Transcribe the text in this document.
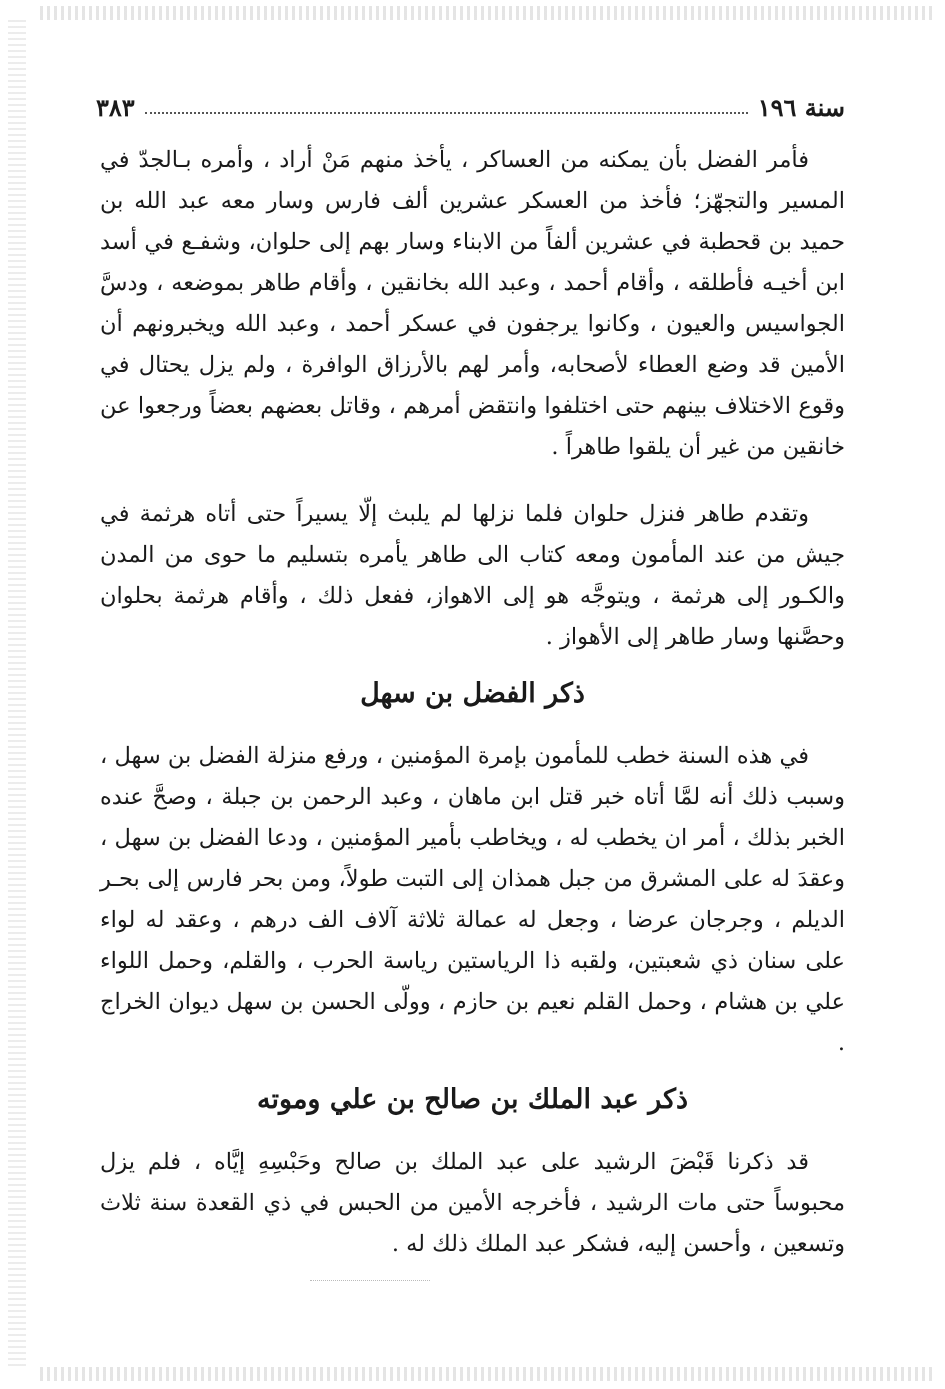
سنة ١٩٦
٣٨٣

فأمر الفضل بأن يمكنه من العساكر ، يأخذ منهم مَنْ أراد ، وأمره بـالجدّ في المسير والتجهّز؛ فأخذ من العسكر عشرين ألف فارس وسار معه عبد الله بن حميد بن قحطبة في عشرين ألفاً من الابناء وسار بهم إلى حلوان، وشفـع في أسد ابن أخيـه فأطلقه ، وأقام أحمد ، وعبد الله بخانقين ، وأقام طاهر بموضعه ، ودسَّ الجواسيس والعيون ، وكانوا يرجفون في عسكر أحمد ، وعبد الله ويخبرونهم أن الأمين قد وضع العطاء لأصحابه، وأمر لهم بالأرزاق الوافرة ، ولم يزل يحتال في وقوع الاختلاف بينهم حتى اختلفوا وانتقض أمرهم ، وقاتل بعضهم بعضاً ورجعوا عن خانقين من غير أن يلقوا طاهراً .

وتقدم طاهر فنزل حلوان فلما نزلها لم يلبث إلّا يسيراً حتى أتاه هرثمة في جيش من عند المأمون ومعه كتاب الى طاهر يأمره بتسليم ما حوى من المدن والكـور إلى هرثمة ، ويتوجَّه هو إلى الاهواز، ففعل ذلك ، وأقام هرثمة بحلوان وحصَّنها وسار طاهر إلى الأهواز .

ذكر الفضل بن سهل

في هذه السنة خطب للمأمون بإمرة المؤمنين ، ورفع منزلة الفضل بن سهل ، وسبب ذلك أنه لمَّا أتاه خبر قتل ابن ماهان ، وعبد الرحمن بن جبلة ، وصحَّ عنده الخبر بذلك ، أمر ان يخطب له ، ويخاطب بأمير المؤمنين ، ودعا الفضل بن سهل ، وعقدَ له على المشرق من جبل همذان إلى التبت طولاً، ومن بحر فارس إلى بحـر الديلم ، وجرجان عرضا ، وجعل له عمالة ثلاثة آلاف الف درهم ، وعقد له لواء على سنان ذي شعبتين، ولقبه ذا الرياستين رياسة الحرب ، والقلم، وحمل اللواء علي بن هشام ، وحمل القلم نعيم بن حازم ، وولّى الحسن بن سهل ديوان الخراج .

ذكر عبد الملك بن صالح بن علي وموته

قد ذكرنا قَبْضَ الرشيد على عبد الملك بن صالح وحَبْسِهِ إيَّاه ، فلم يزل محبوساً حتى مات الرشيد ، فأخرجه الأمين من الحبس في ذي القعدة سنة ثلاث وتسعين ، وأحسن إليه، فشكر عبد الملك ذلك له .
